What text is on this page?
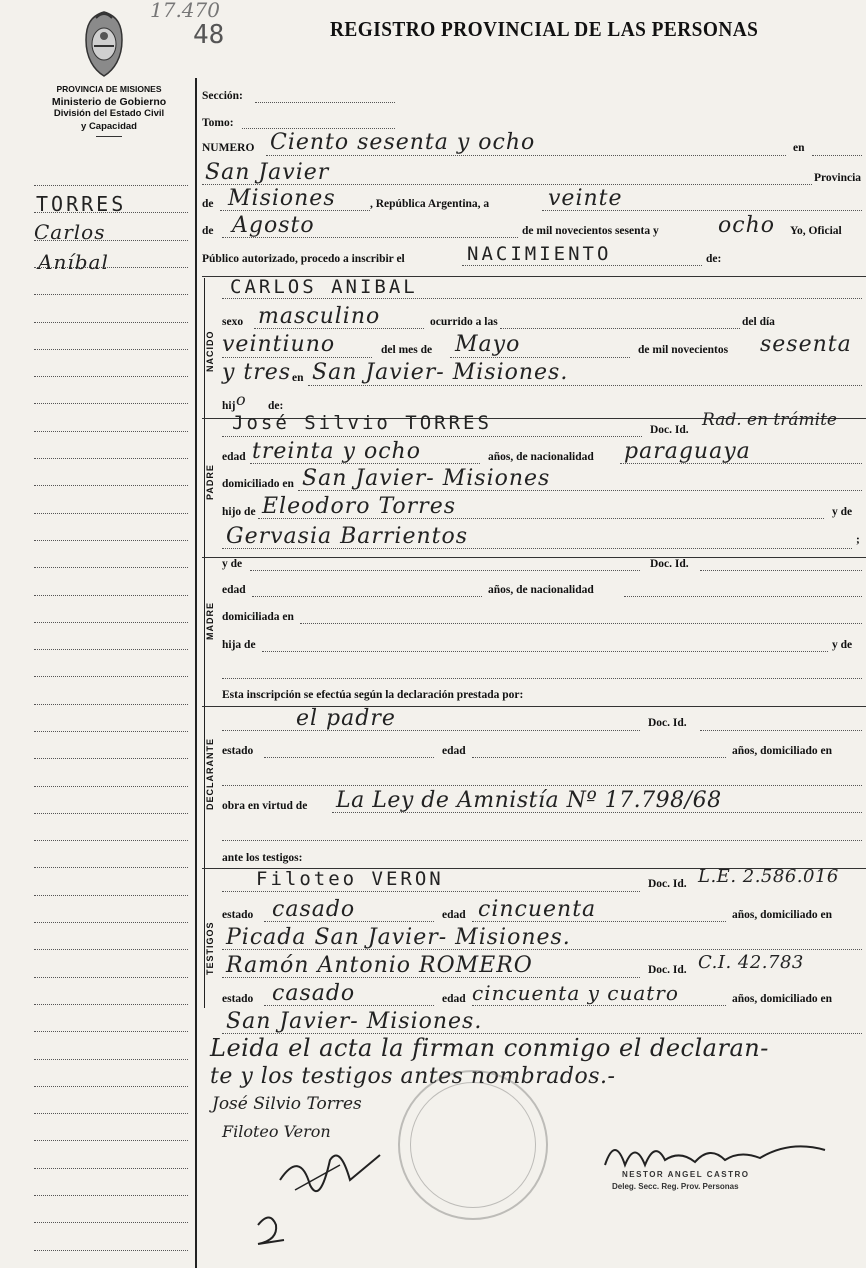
17.470
48	REGISTRO PROVINCIAL DE LAS PERSONAS
PROVINCIA DE MISIONES
Ministerio de Gobierno
División del Estado Civil
y Capacidad
TORRES
Carlos
Aníbal
Sección:
Tomo:
NUMERO Ciento sesenta y ocho	en
San Javier	Provincia
de Misiones	, República Argentina, a	veinte
de Agosto	de mil novecientos sesenta y	ocho Yo, Oficial
Público autorizado, procedo a inscribir el	NACIMIENTO	de:
NACIDO
CARLOS ANIBAL
sexo masculino	ocurrido a las	del día
veintiuno	del mes de Mayo	de mil novecientos sesenta
y tres en San Javier- Misiones.
hij o de:
PADRE
José Silvio TORRES	Doc. Id. Rad. en trámite
edad treinta y ocho	años, de nacionalidad paraguaya
domiciliado en San Javier- Misiones
hijo de Eleodoro Torres	y de
Gervasia Barrientos	;
MADRE
y de	Doc. Id.
edad	años, de nacionalidad
domiciliada en
hija de	y de
Esta inscripción se efectúa según la declaración prestada por:
DECLARANTE
el padre	Doc. Id.
estado	edad	años, domiciliado en
obra en virtud de La Ley de Amnistía Nº 17.798/68
ante los testigos:
TESTIGOS
Filoteo VERON	Doc. Id. L.E. 2.586.016
estado casado	edad cincuenta	años, domiciliado en
Picada San Javier- Misiones.
Ramón Antonio ROMERO	Doc. Id. C.I. 42.783
estado casado	edad cincuenta y cuatro	años, domiciliado en
San Javier- Misiones.
Leida el acta la firman conmigo el declaran-
te y los testigos antes nombrados.-
José Silvio Torres
Filoteo Veron
NESTOR ANGEL CASTRO
Deleg. Secc. Reg. Prov. Personas
